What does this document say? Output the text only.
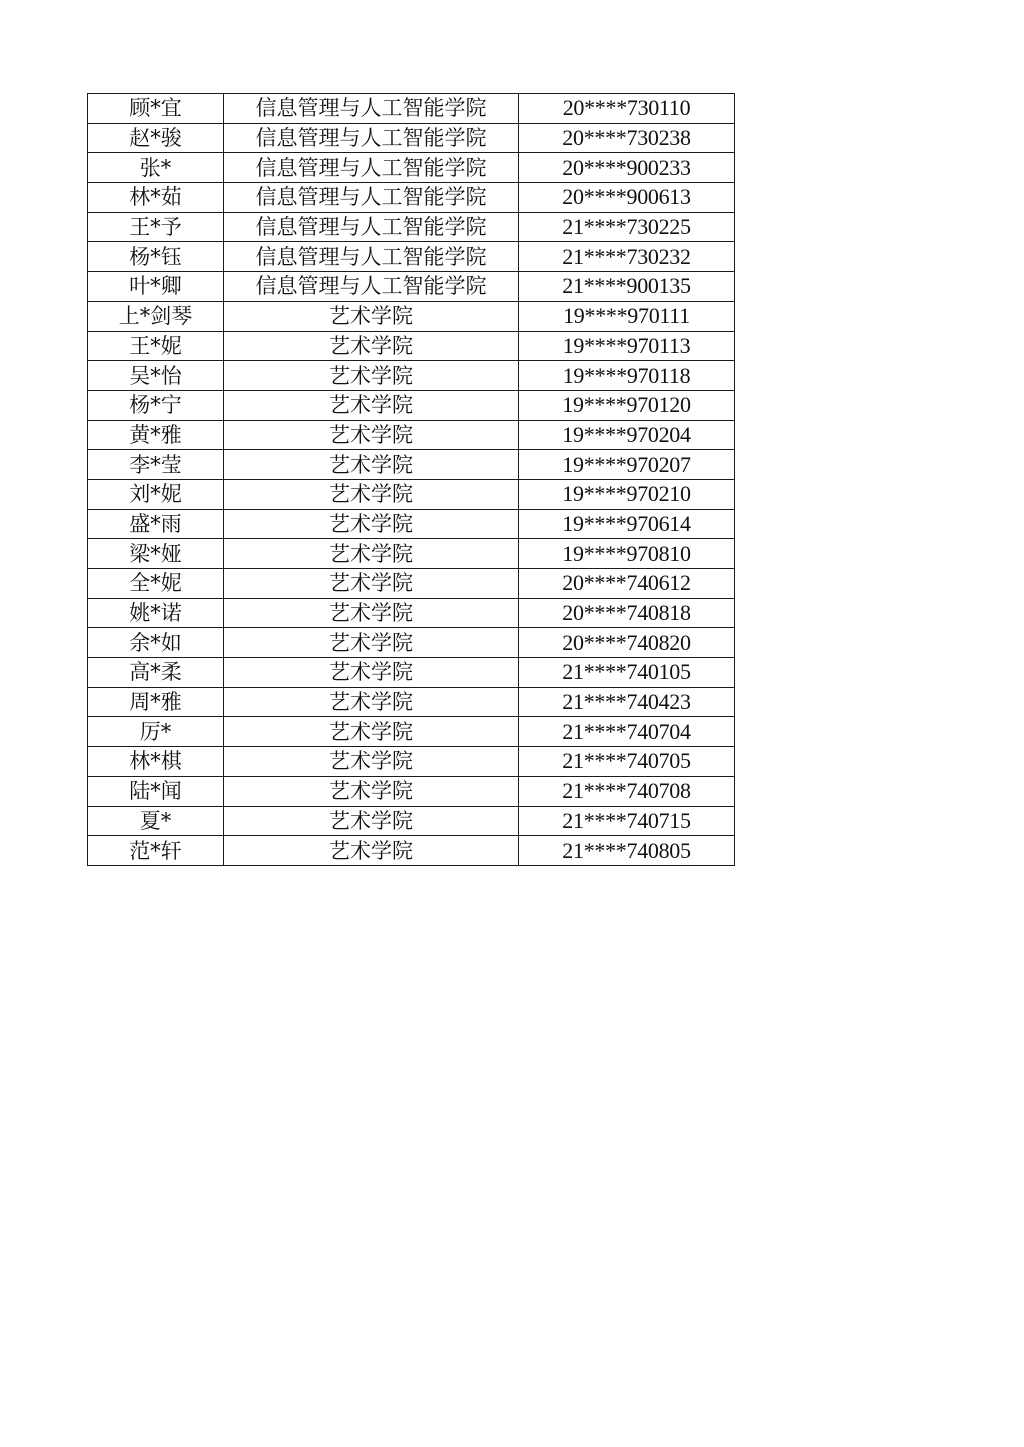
顾*宜	信息管理与人工智能学院	20****730110
赵*骏	信息管理与人工智能学院	20****730238
张*	信息管理与人工智能学院	20****900233
林*茹	信息管理与人工智能学院	20****900613
王*予	信息管理与人工智能学院	21****730225
杨*钰	信息管理与人工智能学院	21****730232
叶*卿	信息管理与人工智能学院	21****900135
上*剑琴	艺术学院	19****970111
王*妮	艺术学院	19****970113
吴*怡	艺术学院	19****970118
杨*宁	艺术学院	19****970120
黄*雅	艺术学院	19****970204
李*莹	艺术学院	19****970207
刘*妮	艺术学院	19****970210
盛*雨	艺术学院	19****970614
梁*娅	艺术学院	19****970810
全*妮	艺术学院	20****740612
姚*诺	艺术学院	20****740818
余*如	艺术学院	20****740820
高*柔	艺术学院	21****740105
周*雅	艺术学院	21****740423
厉*	艺术学院	21****740704
林*棋	艺术学院	21****740705
陆*闻	艺术学院	21****740708
夏*	艺术学院	21****740715
范*轩	艺术学院	21****740805
